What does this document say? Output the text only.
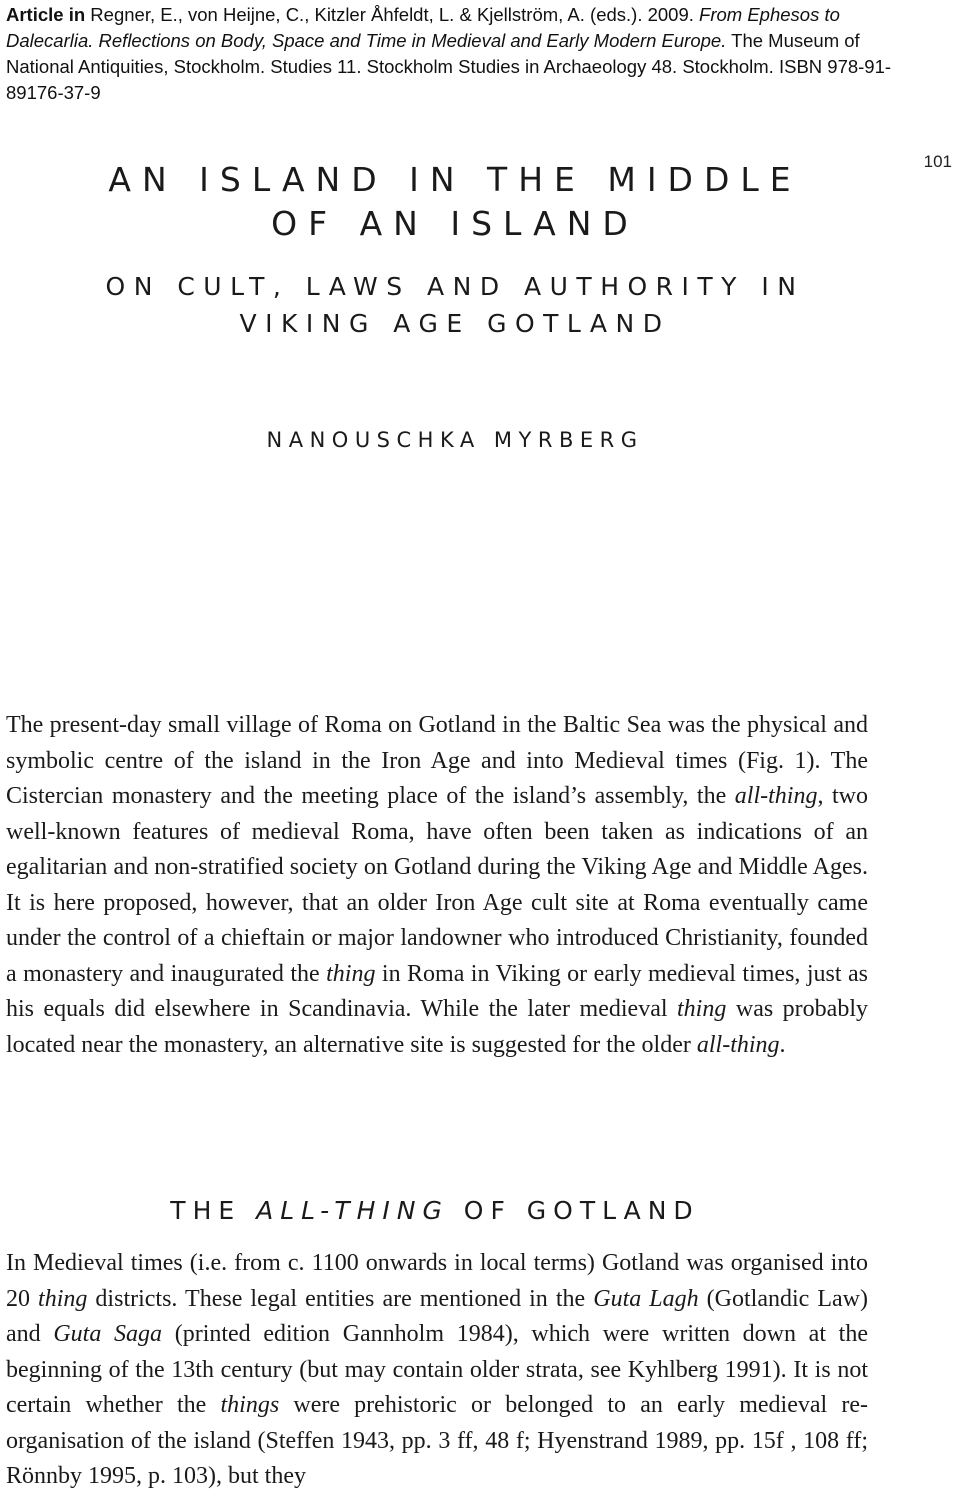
Article in Regner, E., von Heijne, C., Kitzler Åhfeldt, L. & Kjellström, A. (eds.). 2009. From Ephesos to Dalecarlia. Reflections on Body, Space and Time in Medieval and Early Modern Europe. The Museum of National Antiquities, Stockholm. Studies 11. Stockholm Studies in Archaeology 48. Stockholm. ISBN 978-91-89176-37-9
101
AN ISLAND IN THE MIDDLE
OF AN ISLAND
ON CULT, LAWS AND AUTHORITY IN
VIKING AGE GOTLAND
NANOUSCHKA MYRBERG
The present-day small village of Roma on Gotland in the Baltic Sea was the physical and symbolic centre of the island in the Iron Age and into Medieval times (Fig. 1). The Cistercian monastery and the meeting place of the island’s assembly, the all-thing, two well-known features of medieval Roma, have often been taken as indications of an egalitarian and non-stratified society on Gotland during the Viking Age and Middle Ages. It is here proposed, however, that an older Iron Age cult site at Roma eventually came under the control of a chieftain or major landowner who introduced Christianity, founded a monastery and inaugurated the thing in Roma in Viking or early medieval times, just as his equals did elsewhere in Scandinavia. While the later medieval thing was probably located near the monastery, an alternative site is suggested for the older all-thing.
THE ALL-THING OF GOTLAND
In Medieval times (i.e. from c. 1100 onwards in local terms) Gotland was organised into 20 thing districts. These legal entities are mentioned in the Guta Lagh (Gotlandic Law) and Guta Saga (printed edition Gannholm 1984), which were written down at the beginning of the 13th century (but may contain older strata, see Kyhlberg 1991). It is not certain whether the things were prehistoric or belonged to an early medieval re-organisation of the island (Steffen 1943, pp. 3 ff, 48 f; Hyenstrand 1989, pp. 15f , 108 ff; Rönnby 1995, p. 103), but they
